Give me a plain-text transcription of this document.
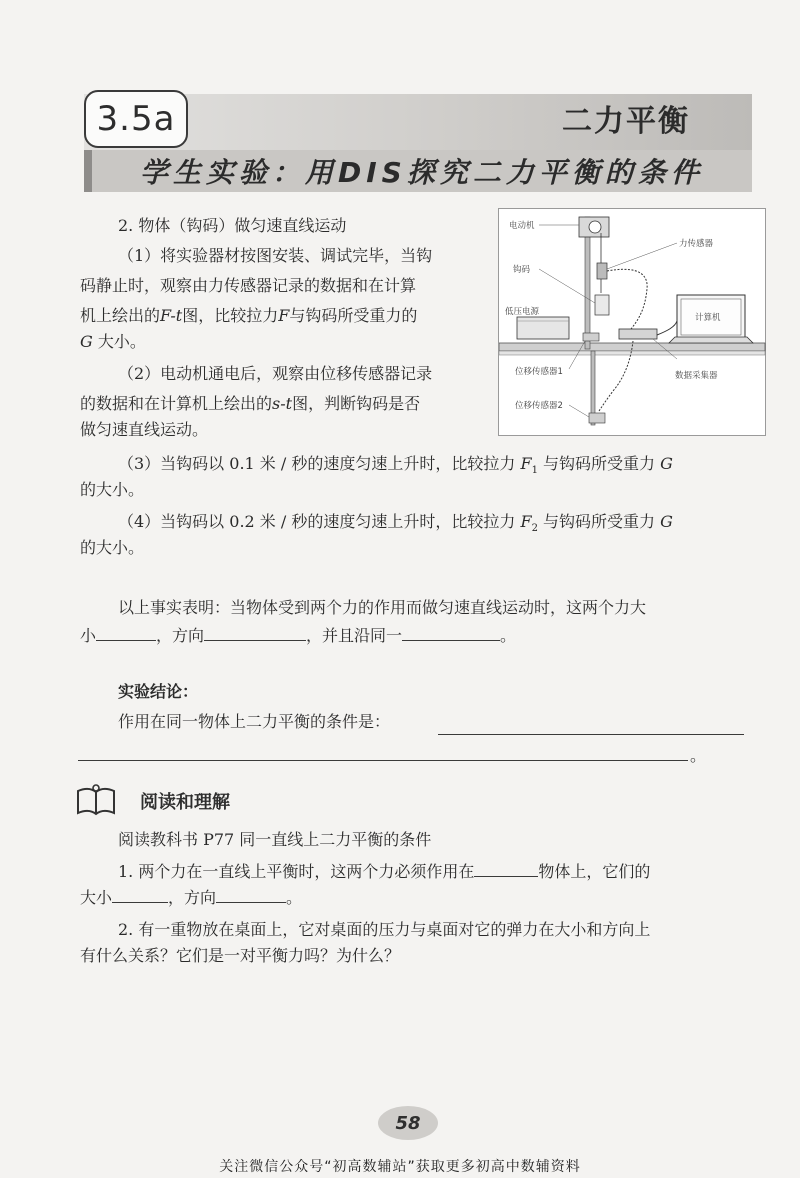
3.5a	二力平衡
学生实验：用DIS探究二力平衡的条件
2. 物体（钩码）做匀速直线运动
（1）将实验器材按图安装、调试完毕，当钩
码静止时，观察由力传感器记录的数据和在计算
机上绘出的F-t图，比较拉力F与钩码所受重力的
G 大小。
（2）电动机通电后，观察由位移传感器记录
的数据和在计算机上绘出的s-t图，判断钩码是否
做匀速直线运动。
（3）当钩码以 0.1 米 / 秒的速度匀速上升时，比较拉力 $F_1$ 与钩码所受重力 G
的大小。
（4）当钩码以 0.2 米 / 秒的速度匀速上升时，比较拉力 $F_2$ 与钩码所受重力 G
的大小。
电动机
力传感器
钩码
低压电源
计算机
数据采集器
位移传感器1
位移传感器2
以上事实表明：当物体受到两个力的作用而做匀速直线运动时，这两个力大
小	，方向	，并且沿同一	。
实验结论：
作用在同一物体上二力平衡的条件是：
。
阅读和理解
阅读教科书 P77 同一直线上二力平衡的条件
1. 两个力在一直线上平衡时，这两个力必须作用在	物体上，它们的
大小	，方向	。
2. 有一重物放在桌面上，它对桌面的压力与桌面对它的弹力在大小和方向上
有什么关系？它们是一对平衡力吗？为什么？
58
关注微信公众号“初高数辅站”获取更多初高中数辅资料
